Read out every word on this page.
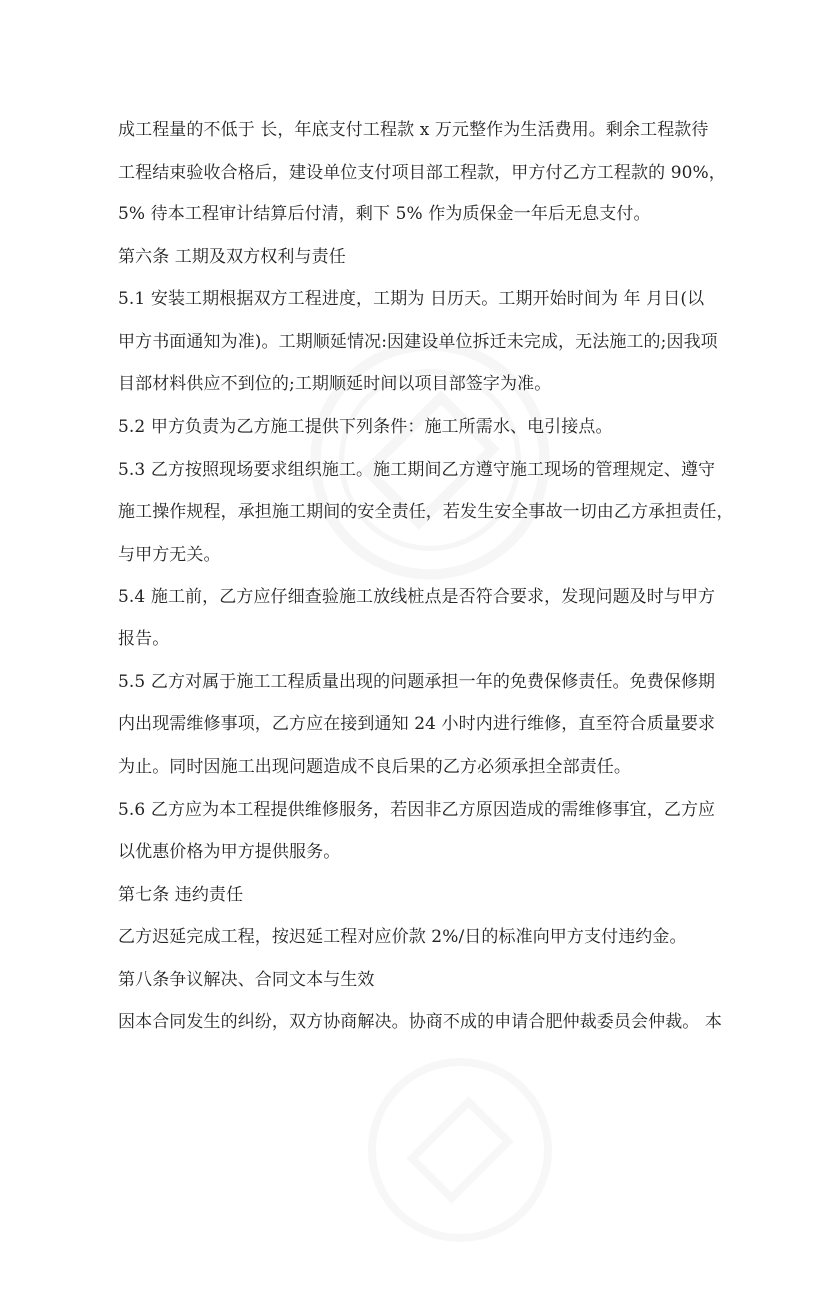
成工程量的不低于 长，年底支付工程款 x 万元整作为生活费用。剩余工程款待
工程结束验收合格后，建设单位支付项目部工程款，甲方付乙方工程款的 90%，
5% 待本工程审计结算后付清，剩下 5% 作为质保金一年后无息支付。
第六条 工期及双方权利与责任
5.1 安装工期根据双方工程进度，工期为 日历天。工期开始时间为 年 月日(以
甲方书面通知为准)。工期顺延情况:因建设单位拆迁未完成，无法施工的;因我项
目部材料供应不到位的;工期顺延时间以项目部签字为准。
5.2 甲方负责为乙方施工提供下列条件：施工所需水、电引接点。
5.3 乙方按照现场要求组织施工。施工期间乙方遵守施工现场的管理规定、遵守
施工操作规程，承担施工期间的安全责任，若发生安全事故一切由乙方承担责任，
与甲方无关。
5.4 施工前，乙方应仔细查验施工放线桩点是否符合要求，发现问题及时与甲方
报告。
5.5 乙方对属于施工工程质量出现的问题承担一年的免费保修责任。免费保修期
内出现需维修事项，乙方应在接到通知 24 小时内进行维修，直至符合质量要求
为止。同时因施工出现问题造成不良后果的乙方必须承担全部责任。
5.6 乙方应为本工程提供维修服务，若因非乙方原因造成的需维修事宜，乙方应
以优惠价格为甲方提供服务。
第七条 违约责任
乙方迟延完成工程，按迟延工程对应价款 2%/日的标准向甲方支付违约金。
第八条争议解决、合同文本与生效
因本合同发生的纠纷，双方协商解决。协商不成的申请合肥仲裁委员会仲裁。 本
